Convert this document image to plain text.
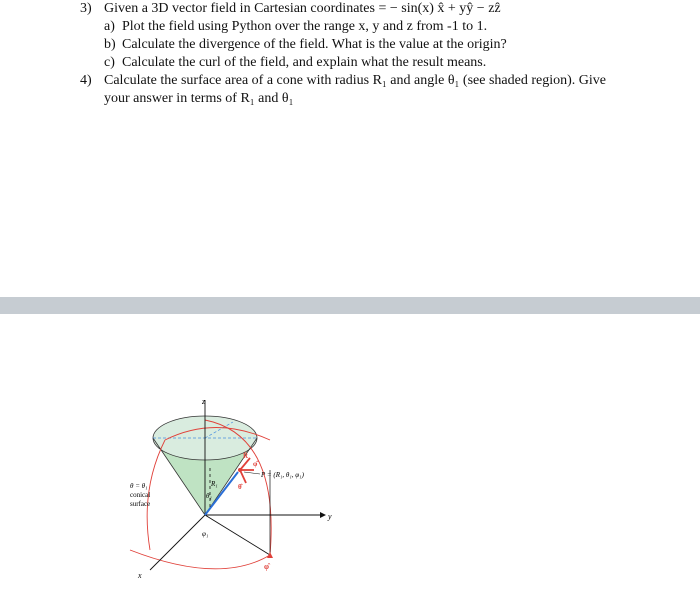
3) Given a 3D vector field in Cartesian coordinates = − sin(x) x̂ + yŷ − zẑ
a) Plot the field using Python over the range x, y and z from -1 to 1.
b) Calculate the divergence of the field. What is the value at the origin?
c) Calculate the curl of the field, and explain what the result means.
4) Calculate the surface area of a cone with radius R₁ and angle θ₁ (see shaded region). Give
your answer in terms of R₁ and θ₁
z
y
x
θ = θ₁
conical
surface
P = (R₁, θ₁, φ₁)
R₁
θ₁
φ₁
R̂
φ̂
θ̂
φ̂
